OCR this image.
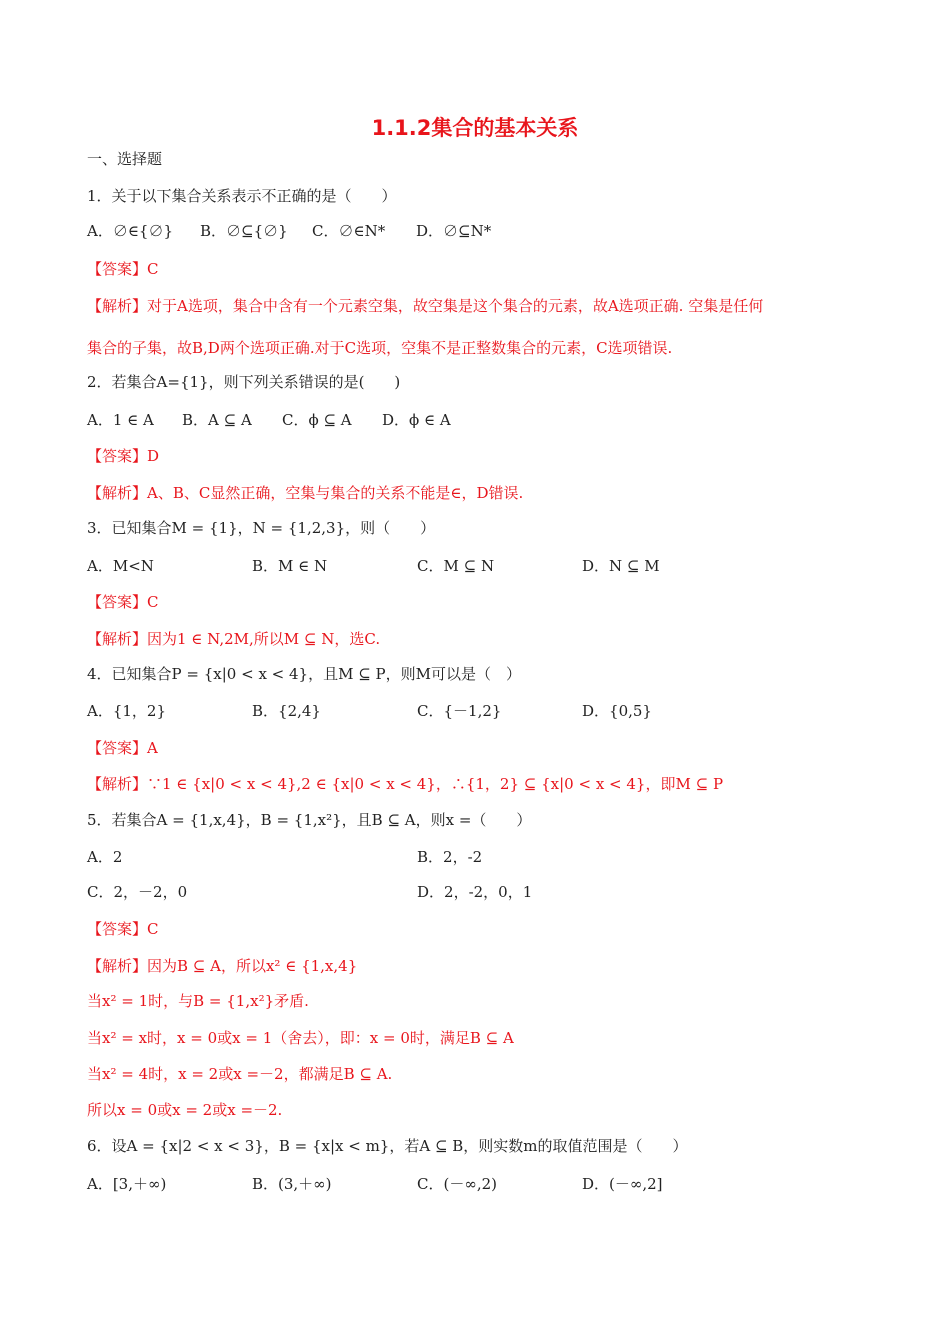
1.1.2集合的基本关系
一、选择题
1．关于以下集合关系表示不正确的是（　　）
A．∅∈{∅} B．∅⊆{∅} C．∅∈N* D．∅⊆N*
【答案】C
【解析】对于A选项，集合中含有一个元素空集，故空集是这个集合的元素，故A选项正确. 空集是任何
集合的子集，故B,D两个选项正确.对于C选项，空集不是正整数集合的元素，C选项错误.
2．若集合A={1}，则下列关系错误的是(　　)
A．1 ∈ A B．A ⊆ A C．ϕ ⊆ A D．ϕ ∈ A
【答案】D
【解析】A、B、C显然正确，空集与集合的关系不能是∈，D错误.
3．已知集合M = {1}，N = {1,2,3}，则（　　）
A．M<N	B．M ∈ N	C．M ⊆ N	D．N ⊆ M
【答案】C
【解析】因为1 ∈ N,2M,所以M ⊆ N，选C.
4．已知集合P = {x|0 < x < 4}，且M ⊆ P，则M可以是（　）
A．{1，2}	B．{2,4}	C．{－1,2}	D．{0,5}
【答案】A
【解析】∵1 ∈ {x|0 < x < 4},2 ∈ {x|0 < x < 4}，∴{1，2} ⊆ {x|0 < x < 4}，即M ⊆ P
5．若集合A = {1,x,4}，B = {1,x²}，且B ⊆ A，则x =（　　）
A．2	B．2，-2
C．2，－2，0	D．2，-2，0，1
【答案】C
【解析】因为B ⊆ A，所以x² ∈ {1,x,4}
当x² = 1时，与B = {1,x²}矛盾.
当x² = x时，x = 0或x = 1（舍去），即：x = 0时，满足B ⊆ A
当x² = 4时，x = 2或x =－2，都满足B ⊆ A.
所以x = 0或x = 2或x =－2.
6．设A = {x|2 < x < 3}，B = {x|x < m}，若A ⊆ B，则实数m的取值范围是（　　）
A．[3,＋∞)	B．(3,＋∞)	C．(－∞,2)	D．(－∞,2]
